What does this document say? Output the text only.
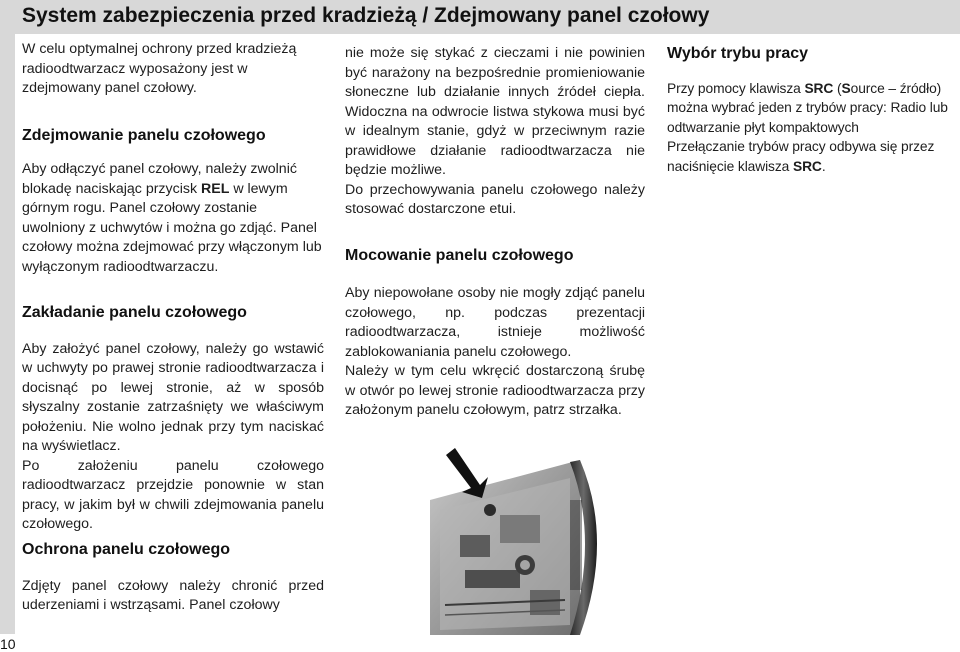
System zabezpieczenia przed kradzieżą / Zdejmowany panel czołowy
10

W celu optymalnej ochrony przed kradzieżą radioodtwarzacz wyposażony jest w zdejmowany panel czołowy.

Zdejmowanie panelu czołowego

Aby odłączyć panel czołowy, należy zwolnić blokadę naciskając przycisk REL w lewym górnym rogu. Panel czołowy zostanie uwolniony z uchwytów i można go zdjąć. Panel czołowy można zdejmować przy włączonym lub wyłączonym radioodtwarzaczu.

Zakładanie panelu czołowego

Aby założyć panel czołowy, należy go wstawić w uchwyty po prawej stronie radioodtwarzacza i docisnąć po lewej stronie, aż w sposób słyszalny zostanie zatrzaśnięty we właściwym położeniu. Nie wolno jednak przy tym naciskać na wyświetlacz.

Po założeniu panelu czołowego radioodtwarzacz przejdzie ponownie w stan pracy, w jakim był w chwili zdejmowania panelu czołowego.

Ochrona panelu czołowego

Zdjęty panel czołowy należy chronić przed uderzeniami i wstrząsami. Panel czołowy

nie może się stykać z cieczami i nie powinien być narażony na bezpośrednie promieniowanie słoneczne lub działanie innych źródeł ciepła. Widoczna na odwrocie listwa stykowa musi być w idealnym stanie, gdyż w przeciwnym razie prawidłowe działanie radioodtwarzacza nie będzie możliwe.

Do przechowywania panelu czołowego należy stosować dostarczone etui.

Mocowanie panelu czołowego

Aby niepowołane osoby nie mogły zdjąć panelu czołowego, np. podczas prezentacji radioodtwarzacza, istnieje możliwość zablokowaniania panelu czołowego.

Należy w tym celu wkręcić dostarczoną śrubę w otwór po lewej stronie radioodtwarzacza przy założonym panelu czołowym, patrz strzałka.

Wybór trybu pracy

Przy pomocy klawisza SRC (Source – źródło) można wybrać jeden z trybów pracy: Radio lub odtwarzanie płyt kompaktowych

Przełączanie trybów pracy odbywa się przez naciśnięcie klawisza SRC.
